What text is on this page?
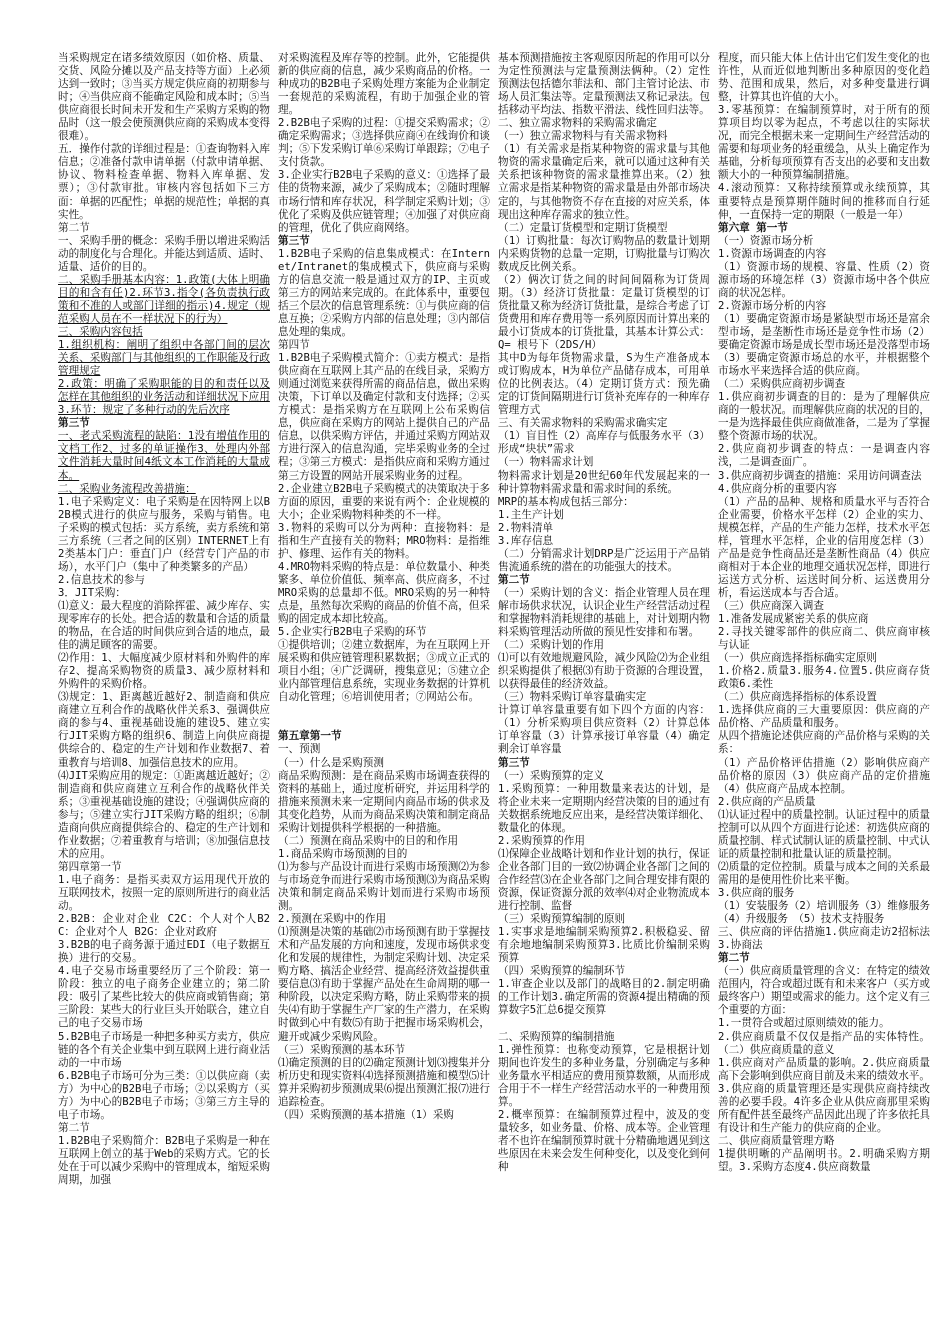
当采购规定在诸多绩效原因（如价格、质量、交货、风险分摊以及产品支持等方面）上必须达到一致时；③当买方规定供应商的初期参与时；④当供应商不能确定风险和成本时；⑤当供应商很长时间未开发和生产采购方采购的物品时（这一般会使预测供应商的采购成本变得很难）。

五．操作付款的详细过程是：①查询物料入库信息；②准备付款申请单据（付款申请单据、协议、物料检查单据、物料入库单据、发票）；③付款审批。审核内容包括如下三方面：单据的匹配性；单据的规范性；单据的真实性。

第二节

一、采购手册的概念：采购手册以增进采购活动的制度化与合理化。并能达到适质、适时、适量、适价的目的。

二、采购手册基本内容：1.政策(大体上明确目的和含有任)2.环节3.指令(各负责执行政策和不准的人或部门详细的指示)4.规定（规范采购人员在不一样状况下的行为）

三、采购内容包括

1.组织机构：阐明了组织中各部门间的层次关系、采购部门与其他组织的工作职能及行政管理规定

2.政策：明确了采购职能的目的和责任以及怎样在其他组织的业务活动和详细状况下应用

3.环节：规定了多种行动的先后次序

第三节

一、老式采购流程的缺陷：1没有增值作用的文档工作2、过多的单证操作3、处理内外部文件消耗大量时间4纸文本工作消耗的大量成本。

二、采购业务流程改善措施：

1.电子采购定义：电子采购是在因特网上以B2B模式进行的供应与服务，采购与销售。电子采购的模式包括：买方系统，卖方系统和第三方系统（三者之间的区别）INTERNET上有2类基本门户：垂直门户（经营专门产品的市场），水平门户（集中了种类繁多的产品）

2.信息技术的参与

3．JIT采购：

⑴意义：最大程度的消除挥霍、减少库存、实现零库存的长处。把合适的数量和合适的质量的物品，在合适的时间供应到合适的地点，最佳的满足顾客的需要。

⑵作用：1、大幅度减少原材料和外购件的库存2、提高采购物资的质量3、减少原材料和外购件的采购价格。

⑶规定：1、距离越近越好2、制造商和供应商建立互利合作的战略伙伴关系3、强调供应商的参与4、重视基础设施的建设5、建立实行JIT采购方略的组织6、制造上向供应商提供综合的、稳定的生产计划和作业数据7、着重教育与培训8、加强信息技术的应用。

⑷JIT采购应用的规定：①距离越近越好；②制造商和供应商建立互利合作的战略伙伴关系；③重视基础设施的建设；④强调供应商的参与；⑤建立实行JIT采购方略的组织；⑥制造商向供应商提供综合的、稳定的生产计划和作业数据；⑦着重教育与培训；⑧加强信息技术的应用。

第四章第一节

1.电子商务：是指买卖双方运用现代开放的互联网技术，按照一定的原则所进行的商业活动。

2.B2B：企业对企业 C2C：个人对个人B2C：企业对个人 B2G：企业对政府

3.B2B的电子商务源于通过EDI（电子数据互换）进行的交易。

4.电子交易市场重要经历了三个阶段：第一阶段：独立的电子商务企业建立的；第二阶段：吸引了某些比较大的供应商或销售商；第三阶段：某些大的行业巨头开始联合，建立自己的电子交易市场

5.B2B电子市场是一种把多种买方卖方，供应链的各个有关企业集中到互联网上进行商业活动的一中市场

6.B2B电子市场可分为三类：①以供应商（卖方）为中心的B2B电子市场；②以采购方（买方）为中心的B2B电子市场；③第三方主导的电子市场。

第二节

1.B2B电子采购简介：B2B电子采购是一种在互联网上创立的基于Web的采购方式。它的长处在于可以减少采购中的管理成本，缩短采购周期，加强

对采购流程及库存等的控制。此外，它能提供新的供应商的信息，减少采购商品的价格。一种成功的B2B电子采购处理方案能为企业制定一套规范的采购流程，有助于加强企业的管理。

2.B2B电子采购的过程：①提交采购需求；②确定采购需求；③选择供应商④在线询价和谈判；⑤下发采购订单⑥采购订单跟踪；⑦电子支付货款。

3.企业实行B2B电子采购的意义：①选择了最佳的货物来源，减少了采购成本；②随时理解市场行情和库存状况，科学制定采购计划；③优化了采购及供应链管理；④加强了对供应商的管理，优化了供应商网络。

第三节

1.B2B电子采购的信息集成模式：在Internet/Intranet的集成模式下，供应商与采购方的信息交流一般是通过双方的IP、主页或第三方的网站来完成的。在此体系中，重要包括三个层次的信息管理系统：①与供应商的信息互换；②采购方内部的信息处理；③内部信息处理的集成。

第四节

1.B2B电子采购模式简介：①卖方模式：是指供应商在互联网上其产品的在线目录，采购方则通过浏览来获得所需的商品信息，做出采购决策，下订单以及确定付款和支付选择；②买方模式：是指采购方在互联网上公布采购信息，供应商在采购方的网站上提供自己的产品信息，以供采购方评估，并通过采购方网站双方进行深入的信息沟通，完毕采购业务的全过程；③第三方模式：是指供应商和采购方通过第三方设置的网站开展采购业务的过程。

2.企业建立B2B电子采购模式的决策取决于多方面的原因，重要的来说有两个：企业规模的大小；企业采购物料种类的不一样。

3.物料的采购可以分为两种：直接物料：是指和生产直接有关的物料；MRO物料：是指维护、修理、运作有关的物料。

4.MRO物料采购的特点是：单位数量小、种类繁多、单位价值低、频率高、供应商多，不过MRO采购的总量却不低。MRO采购的另一种特点是，虽然每次采购的商品的价值不高，但采购的固定成本却比较高。

5.企业实行B2B电子采购的环节

①提供培训；②建立数据库，为在互联网上开展采购和供应链管理积累数据；③成立正式的项目小组；④广泛调研，搜集意见；⑤建立企业内部管理信息系统，实现业务数据的计算机自动化管理；⑥培训使用者；⑦网站公布。

第五章第一节

一、预测

（一）什么是采购预测

商品采购预测：是在商品采购市场调查获得的资料的基础上，通过度析研究，并运用科学的措施来预测未来一定期间内商品市场的供求及其变化趋势，从而为商品采购决策和制定商品采购计划提供科学根据的一种措施。

（二）预测在商品采购中的目的和作用

1.商品采购市场预测的目的

⑴为参与产品设计而进行采购市场预测⑵为参与市场竞争而进行采购市场预测⑶为商品采购决策和制定商品采购计划而进行采购市场预测。

2.预测在采购中的作用

⑴预测是决策的基础⑵市场预测有助于掌握技术和产品发展的方向和速度，发现市场供求变化和发展的规律性，为制定采购计划、决定采购方略、搞活企业经营、提高经济效益提供重要信息⑶有助于掌握产品处在生命周期的哪一种阶段，以决定采购方略，防止采购带来的损失⑷有助于掌握生产厂家的生产潜力，在采购时做到心中有数⑸有助于把握市场采购机会，避开或减少采购风险。

（三）采购预测的基本环节

⑴确定预测的目的⑵确定预测计划⑶搜集并分析历史和现实资料⑷选择预测措施和模型⑸计算并采购初步预测成果⑹提出预测汇报⑺进行追踪检查。

（四）采购预测的基本措施（1）采购

基本预测措施按主客观原因所起的作用可以分为定性预测法与定量预测法俩种。（2）定性预测法包括德尔菲法和、部门主管讨论法、市场人员汇集法等。定量预测法又称记录法。包括移动平均法、指数平滑法、线性回归法等。

二、独立需求物料的采购需求确定

（一）独立需求物料与有关需求物料

（1）有关需求是指某种物资的需求量与其他物资的需求量确定后来，就可以通过这种有关关系把该种物资的需求量推算出来。（2）独立需求是指某种物资的需求量是由外部市场决定的，与其他物资不存在直接的对应关系，体现出这种库存需求的独立性。

（二）定量订货模型和定期订货模型

（1）订购批量：每次订购物品的数量计划期内采购货物的总量一定期，订购批量与订购次数成反比例关系。

（2）俩次订货之间的时间间隔称为订货周期。（3）经济订货批量：定量订货模型的订货批量又称为经济订货批量，是综合考虑了订货费用和库存费用等一系列原因而计算出来的最小订货成本的订货批量，其基本计算公式：Q= 根号下（2DS/H）

其中D为每年货物需求量，S为生产准备成本或订购成本，H为单位产品储存成本，可用单位的比例表达。（4）定期订货方式：预先确定的订货间隔期进行订货补充库存的一种库存管理方式

三、有关需求物料的采购需求确实定

（1）盲目性（2）高库存与低服务水平（3）形成“块状”需求

（一）物料需求计划

物料需求计划是20世纪60年代发展起来的一种计算物料需求量和需求时间的系统。

MRP的基本构成包括三部分：

1.主生产计划

2.物料清单

3.库存信息

（二）分销需求计划DRP是广泛运用于产品销售流通系统的潜在的功能强大的技术。

第二节

（一）采购计划的含义：指企业管理人员在理解市场供求状况，认识企业生产经营活动过程和掌握物料消耗规律的基础上，对计划期内物料采购管理活动所做的预见性安排和布署。

（二）采购计划的作用

⑴可以有效地规避风险，减少风险⑵为企业组织采购提供了根据⑶有助于资源的合理设置，以获得最佳的经济效益。

（三）物料采购订单容量确实定

计算订单容量重要有如下四个方面的内容：（1）分析采购项目供应资料（2）计算总体订单容量（3）计算承接订单容量（4）确定剩余订单容量

第三节

（一）采购预算的定义

1.采购预算：一种用数量来表达的计划，是将企业未来一定期期内经营决策的目的通过有关数据系统地反应出来，是经营决策详细化、数量化的体现。

2.采购预算的作用

⑴保障企业战略计划和作业计划的执行，保证企业各部门目的一致⑵协调企业各部门之间的合作经营⑶在企业各部门之间合理安排有限的资源，保证资源分派的效率⑷对企业物流成本进行控制、监督

（三）采购预算编制的原则

1.实事求是地编制采购预算2.积极稳妥、留有余地地编制采购预算3.比质比价编制采购预算

（四）采购预算的编制环节

1.审查企业以及部门的战略目的2.制定明确的工作计划3.确定所需的资源4提出精确的预算数字5汇总6提交预算

二、采购预算的编制措施

1.弹性预算：也称变动预算，它是根据计划期间也许发生的多种业务量，分别确定与多种业务量水平相适应的费用预算数额，从而形成合用于不一样生产经营活动水平的一种费用预算。

2.概率预算：在编制预算过程中，波及的变量较多，如业务量、价格、成本等。企业管理者不也许在编制预算时就十分精确地遇见到这些原因在未来会发生何种变化，以及变化到何种

程度，而只能大体上估计出它们发生变化的也许性，从而近似地判断出多种原因的变化趋势、范围和成果，然后，对多种变量进行调整，计算其也许值的大小。

3.零基预算：在编制预算时，对于所有的预算项目均以零为起点，不考虑以往的实际状况，而完全根据未来一定期间生产经营活动的需要和每项业务的轻重缓急，从头上确定作为基础，分析每项预算有否支出的必要和支出数额大小的一种预算编制措施。

4.滚动预算：又称持续预算或永续预算，其重要特点是预算期伴随时间的推移而自行延伸，一直保持一定的期限（一般是一年）

第六章 第一节

（一）资源市场分析

1.资源市场调查的内容

（1）资源市场的规模、容量、性质（2）资源市场的环境怎样（3）资源市场中各个供应商的状况怎样。

2.资源市场分析的内容

（1）要确定资源市场是紧缺型市场还是富余型市场，是垄断性市场还是竞争性市场（2）要确定资源市场是成长型市场还是没落型市场（3）要确定资源市场总的水平，并根据整个市场水平来选择合适的供应商。

（二）采购供应商初步调查

1.供应商初步调查的目的：是为了理解供应商的一般状况。而理解供应商的状况的目的，一是为选择最佳供应商做准备，二是为了掌握整个资源市场的状况。

2.供应商初步调查的特点：一是调查内容浅，二是调查面广。

3.供应商初步调查的措施：采用访问调查法

4.供应商分析的重要内容

（1）产品的品种、规格和质量水平与否符合企业需要，价格水平怎样（2）企业的实力、规模怎样，产品的生产能力怎样，技术水平怎样，管理水平怎样，企业的信用度怎样（3）产品是竞争性商品还是垄断性商品（4）供应商相对于本企业的地理交通状况怎样，即进行运送方式分析、运送时间分析、运送费用分析，看运送成本与否合适。

（三）供应商深入调查

1.准备发展成紧密关系的供应商

2.寻找关键零部件的供应商二、供应商审核与认证

（一）供应商选择指标确实定原则

1.价格2.质量3.服务4.位置5.供应商存货政策6.柔性

（二）供应商选择指标的体系设置

1.选择供应商的三大重要原因：供应商的产品价格、产品质量和服务。

从四个措施论述供应商的产品价格与采购的关系：

（1）产品价格评估措施（2）影响供应商产品价格的原因（3）供应商产品的定价措施（4）供应商产品成本控制。

2.供应商的产品质量

⑴认证过程中的质量控制。认证过程中的质量控制可以从四个方面进行论述：初选供应商的质量控制、样式试制认证的质量控制、中式认证的质量控制和批量认证的质量控制。

⑵质量的定位控制。质量与成本之间的关系最需用的是使用性价比来平衡。

3.供应商的服务

（1）安装服务（2）培训服务（3）维修服务（4）升级服务　（5）技术支持服务

三、供应商的评估措施1.供应商走访2招标法3.协商法

第二节

（一）供应商质量管理的含义：在特定的绩效范围内，符合或超过既有和未来客户（买方或最终客户）期望或需求的能力。这个定义有三个重要的方面：

1.一贯符合或超过原则绩效的能力。

2.供应商质量不仅仅是指产品的实体特性。（二）供应商质量的意义

1.供应商对产品质量的影响。2.供应商质量高下会影响到供应商目前及未来的绩效水平。3.供应商的质量管理还是实现供应商持续改善的必要手段。4许多企业从供应商那里采购所有配件甚至最终产品因此出现了许多依托具有设计和生产能力的供应商的企业。

二、供应商质量管理方略

1提供明晰的产品阐明书。2.明确采购方期望。3.采购方态度4.供应商数量
